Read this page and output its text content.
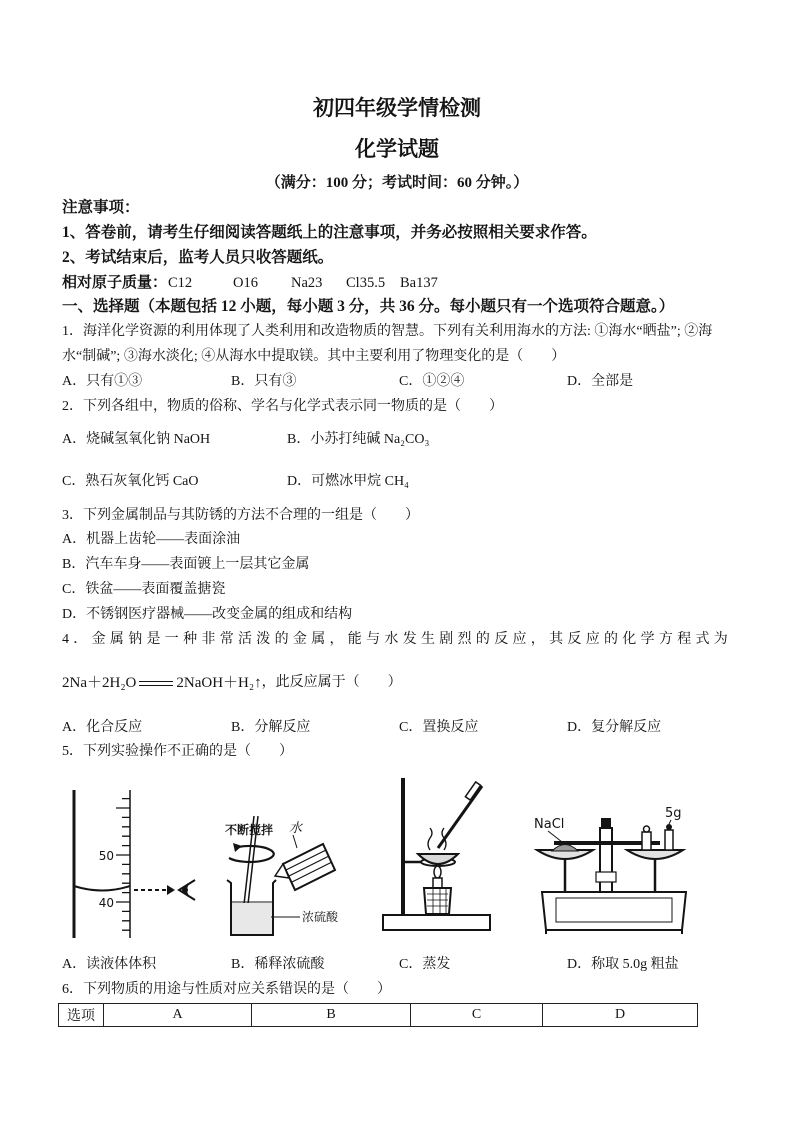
初四年级学情检测
化学试题
（满分：100 分；考试时间：60 分钟。）
注意事项：
1、答卷前，请考生仔细阅读答题纸上的注意事项，并务必按照相关要求作答。
2、考试结束后，监考人员只收答题纸。
相对原子质量： C12	O16 Na23 Cl35.5 Ba137
一、选择题（本题包括 12 小题，每小题 3 分，共 36 分。每小题只有一个选项符合题意。）
1．海洋化学资源的利用体现了人类利用和改造物质的智慧。下列有关利用海水的方法: ①海水“晒盐”; ②海
水“制碱”; ③海水淡化; ④从海水中提取镁。其中主要利用了物理变化的是（　　）
A．只有①③	B．只有③	C．①②④	D．全部是
2．下列各组中，物质的俗称、学名与化学式表示同一物质的是（　　）
A．烧碱氢氧化钠 NaOH	B．小苏打纯碱 Na₂CO₃
C．熟石灰氧化钙 CaO	D．可燃冰甲烷 CH₄
3．下列金属制品与其防锈的方法不合理的一组是（　　）
A．机器上齿轮——表面涂油
B．汽车车身——表面镀上一层其它金属
C．铁盆——表面覆盖搪瓷
D．不锈钢医疗器械——改变金属的组成和结构
4．金属钠是一种非常活泼的金属，能与水发生剧烈的反应，其反应的化学方程式为
2Na＋2H₂O	2NaOH＋H₂↑ ，此反应属于（　　）
A．化合反应	B．分解反应	C．置换反应	D．复分解反应
5．下列实验操作不正确的是（　　）
50
40
不断搅拌 水
浓硫酸
NaCl
5g
A．读液体体积	B．稀释浓硫酸	C．蒸发	D．称取 5.0g 粗盐
6．下列物质的用途与性质对应关系错误的是（　　）
选项	A	B	C	D
